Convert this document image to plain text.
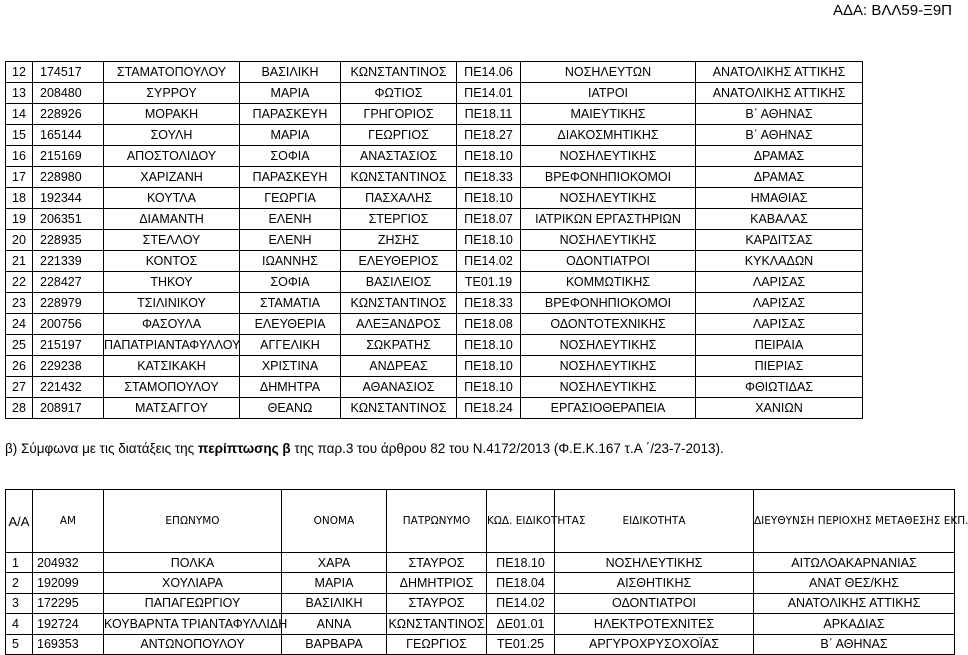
ΑΔΑ: ΒΛΛ59-Ξ9Π
12	174517	ΣΤΑΜΑΤΟΠΟΥΛΟΥ	ΒΑΣΙΛΙΚΗ	ΚΩΝΣΤΑΝΤΙΝΟΣ	ΠΕ14.06	ΝΟΣΗΛΕΥΤΩΝ	ΑΝΑΤΟΛΙΚΗΣ ΑΤΤΙΚΗΣ
13	208480	ΣΥΡΡΟΥ	ΜΑΡΙΑ	ΦΩΤΙΟΣ	ΠΕ14.01	ΙΑΤΡΟΙ	ΑΝΑΤΟΛΙΚΗΣ ΑΤΤΙΚΗΣ
14	228926	ΜΟΡΑΚΗ	ΠΑΡΑΣΚΕΥΗ	ΓΡΗΓΟΡΙΟΣ	ΠΕ18.11	ΜΑΙΕΥΤΙΚΗΣ	Β΄ ΑΘΗΝΑΣ
15	165144	ΣΟΥΛΗ	ΜΑΡΙΑ	ΓΕΩΡΓΙΟΣ	ΠΕ18.27	ΔΙΑΚΟΣΜΗΤΙΚΗΣ	Β΄ ΑΘΗΝΑΣ
16	215169	ΑΠΟΣΤΟΛΙΔΟΥ	ΣΟΦΙΑ	ΑΝΑΣΤΑΣΙΟΣ	ΠΕ18.10	ΝΟΣΗΛΕΥΤΙΚΗΣ	ΔΡΑΜΑΣ
17	228980	ΧΑΡΙΖΑΝΗ	ΠΑΡΑΣΚΕΥΗ	ΚΩΝΣΤΑΝΤΙΝΟΣ	ΠΕ18.33	ΒΡΕΦΟΝΗΠΙΟΚΟΜΟΙ	ΔΡΑΜΑΣ
18	192344	ΚΟΥΤΛΑ	ΓΕΩΡΓΙΑ	ΠΑΣΧΑΛΗΣ	ΠΕ18.10	ΝΟΣΗΛΕΥΤΙΚΗΣ	ΗΜΑΘΙΑΣ
19	206351	ΔΙΑΜΑΝΤΗ	ΕΛΕΝΗ	ΣΤΕΡΓΙΟΣ	ΠΕ18.07	ΙΑΤΡΙΚΩΝ ΕΡΓΑΣΤΗΡΙΩΝ	ΚΑΒΑΛΑΣ
20	228935	ΣΤΕΛΛΟΥ	ΕΛΕΝΗ	ΖΗΣΗΣ	ΠΕ18.10	ΝΟΣΗΛΕΥΤΙΚΗΣ	ΚΑΡΔΙΤΣΑΣ
21	221339	ΚΟΝΤΟΣ	ΙΩΑΝΝΗΣ	ΕΛΕΥΘΕΡΙΟΣ	ΠΕ14.02	ΟΔΟΝΤΙΑΤΡΟΙ	ΚΥΚΛΑΔΩΝ
22	228427	ΤΗΚΟΥ	ΣΟΦΙΑ	ΒΑΣΙΛΕΙΟΣ	ΤΕ01.19	ΚΟΜΜΩΤΙΚΗΣ	ΛΑΡΙΣΑΣ
23	228979	ΤΣΙΛΙΝΙΚΟΥ	ΣΤΑΜΑΤΙΑ	ΚΩΝΣΤΑΝΤΙΝΟΣ	ΠΕ18.33	ΒΡΕΦΟΝΗΠΙΟΚΟΜΟΙ	ΛΑΡΙΣΑΣ
24	200756	ΦΑΣΟΥΛΑ	ΕΛΕΥΘΕΡΙΑ	ΑΛΕΞΑΝΔΡΟΣ	ΠΕ18.08	ΟΔΟΝΤΟΤΕΧΝΙΚΗΣ	ΛΑΡΙΣΑΣ
25	215197	ΠΑΠΑΤΡΙΑΝΤΑΦΥΛΛΟΥ	ΑΓΓΕΛΙΚΗ	ΣΩΚΡΑΤΗΣ	ΠΕ18.10	ΝΟΣΗΛΕΥΤΙΚΗΣ	ΠΕΙΡΑΙΑ
26	229238	ΚΑΤΣΙΚΑΚΗ	ΧΡΙΣΤΙΝΑ	ΑΝΔΡΕΑΣ	ΠΕ18.10	ΝΟΣΗΛΕΥΤΙΚΗΣ	ΠΙΕΡΙΑΣ
27	221432	ΣΤΑΜΟΠΟΥΛΟΥ	ΔΗΜΗΤΡΑ	ΑΘΑΝΑΣΙΟΣ	ΠΕ18.10	ΝΟΣΗΛΕΥΤΙΚΗΣ	ΦΘΙΩΤΙΔΑΣ
28	208917	ΜΑΤΣΑΓΓΟΥ	ΘΕΑΝΩ	ΚΩΝΣΤΑΝΤΙΝΟΣ	ΠΕ18.24	ΕΡΓΑΣΙΟΘΕΡΑΠΕΙΑ	ΧΑΝΙΩΝ
β) Σύμφωνα με τις διατάξεις της περίπτωσης β της παρ.3 του άρθρου 82 του Ν.4172/2013 (Φ.Ε.Κ.167 τ.Α ΄/23-7-2013).
Α/Α	ΑΜ	ΕΠΩΝΥΜΟ	ΟΝΟΜΑ	ΠΑΤΡΩΝΥΜΟ	ΚΩΔ. ΕΙΔΙΚΟΤΗΤΑΣ	ΕΙΔΙΚΟΤΗΤΑ	ΔΙΕΥΘΥΝΣΗ ΠΕΡΙΟΧΗΣ ΜΕΤΑΘΕΣΗΣ ΕΚΠ.
1	204932	ΠΟΛΚΑ	ΧΑΡΑ	ΣΤΑΥΡΟΣ	ΠΕ18.10	ΝΟΣΗΛΕΥΤΙΚΗΣ	ΑΙΤΩΛΟΑΚΑΡΝΑΝΙΑΣ
2	192099	ΧΟΥΛΙΑΡΑ	ΜΑΡΙΑ	ΔΗΜΗΤΡΙΟΣ	ΠΕ18.04	ΑΙΣΘΗΤΙΚΗΣ	ΑΝΑΤ ΘΕΣ/ΚΗΣ
3	172295	ΠΑΠΑΓΕΩΡΓΙΟΥ	ΒΑΣΙΛΙΚΗ	ΣΤΑΥΡΟΣ	ΠΕ14.02	ΟΔΟΝΤΙΑΤΡΟΙ	ΑΝΑΤΟΛΙΚΗΣ ΑΤΤΙΚΗΣ
4	192724	ΚΟΥΒΑΡΝΤΑ ΤΡΙΑΝΤΑΦΥΛΛΙΔΗ	ΑΝΝΑ	ΚΩΝΣΤΑΝΤΙΝΟΣ	ΔΕ01.01	ΗΛΕΚΤΡΟΤΕΧΝΙΤΕΣ	ΑΡΚΑΔΙΑΣ
5	169353	ΑΝΤΩΝΟΠΟΥΛΟΥ	ΒΑΡΒΑΡΑ	ΓΕΩΡΓΙΟΣ	ΤΕ01.25	ΑΡΓΥΡΟΧΡΥΣΟΧΟΪΑΣ	Β΄ ΑΘΗΝΑΣ
